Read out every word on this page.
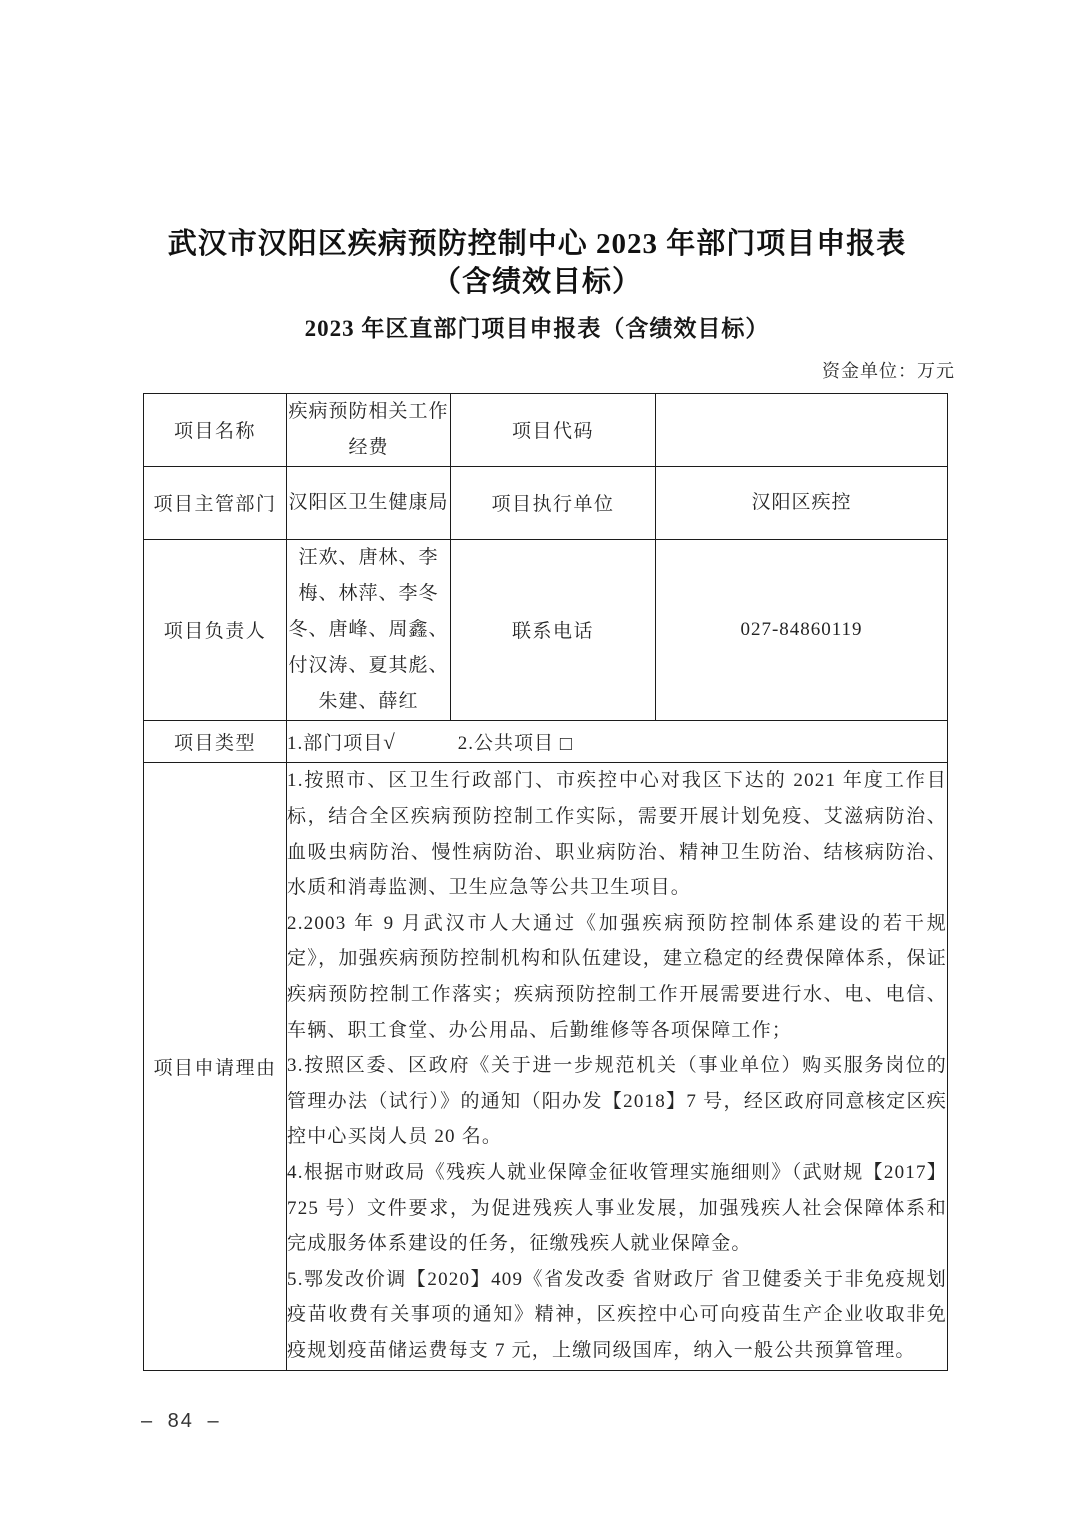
武汉市汉阳区疾病预防控制中心 2023 年部门项目申报表
（含绩效目标）
2023 年区直部门项目申报表（含绩效目标）
资金单位：万元
项目名称	疾病预防相关工作经费	项目代码	
项目主管部门	汉阳区卫生健康局	项目执行单位	汉阳区疾控
项目负责人	汪欢、唐林、李梅、林萍、李冬冬、唐峰、周鑫、付汉涛、夏其彪、朱建、薛红	联系电话	027-84860119
项目类型	1.部门项目√ 2.公共项目 □		
项目申请理由	1.按照市、区卫生行政部门、市疾控中心对我区下达的 2021 年度工作目标，结合全区疾病预防控制工作实际，需要开展计划免疫、艾滋病防治、血吸虫病防治、慢性病防治、职业病防治、精神卫生防治、结核病防治、水质和消毒监测、卫生应急等公共卫生项目。

2.2003 年 9 月武汉市人大通过《加强疾病预防控制体系建设的若干规定》，加强疾病预防控制机构和队伍建设，建立稳定的经费保障体系，保证疾病预防控制工作落实；疾病预防控制工作开展需要进行水、电、电信、车辆、职工食堂、办公用品、后勤维修等各项保障工作；

3.按照区委、区政府《关于进一步规范机关（事业单位）购买服务岗位的管理办法（试行）》的通知（阳办发【2018】7 号，经区政府同意核定区疾控中心买岗人员 20 名。

4.根据市财政局《残疾人就业保障金征收管理实施细则》（武财规【2017】725 号）文件要求，为促进残疾人事业发展，加强残疾人社会保障体系和完成服务体系建设的任务，征缴残疾人就业保障金。

5.鄂发改价调【2020】409《省发改委 省财政厅 省卫健委关于非免疫规划疫苗收费有关事项的通知》精神，区疾控中心可向疫苗生产企业收取非免疫规划疫苗储运费每支 7 元，上缴同级国库，纳入一般公共预算管理。		

– 84 –
